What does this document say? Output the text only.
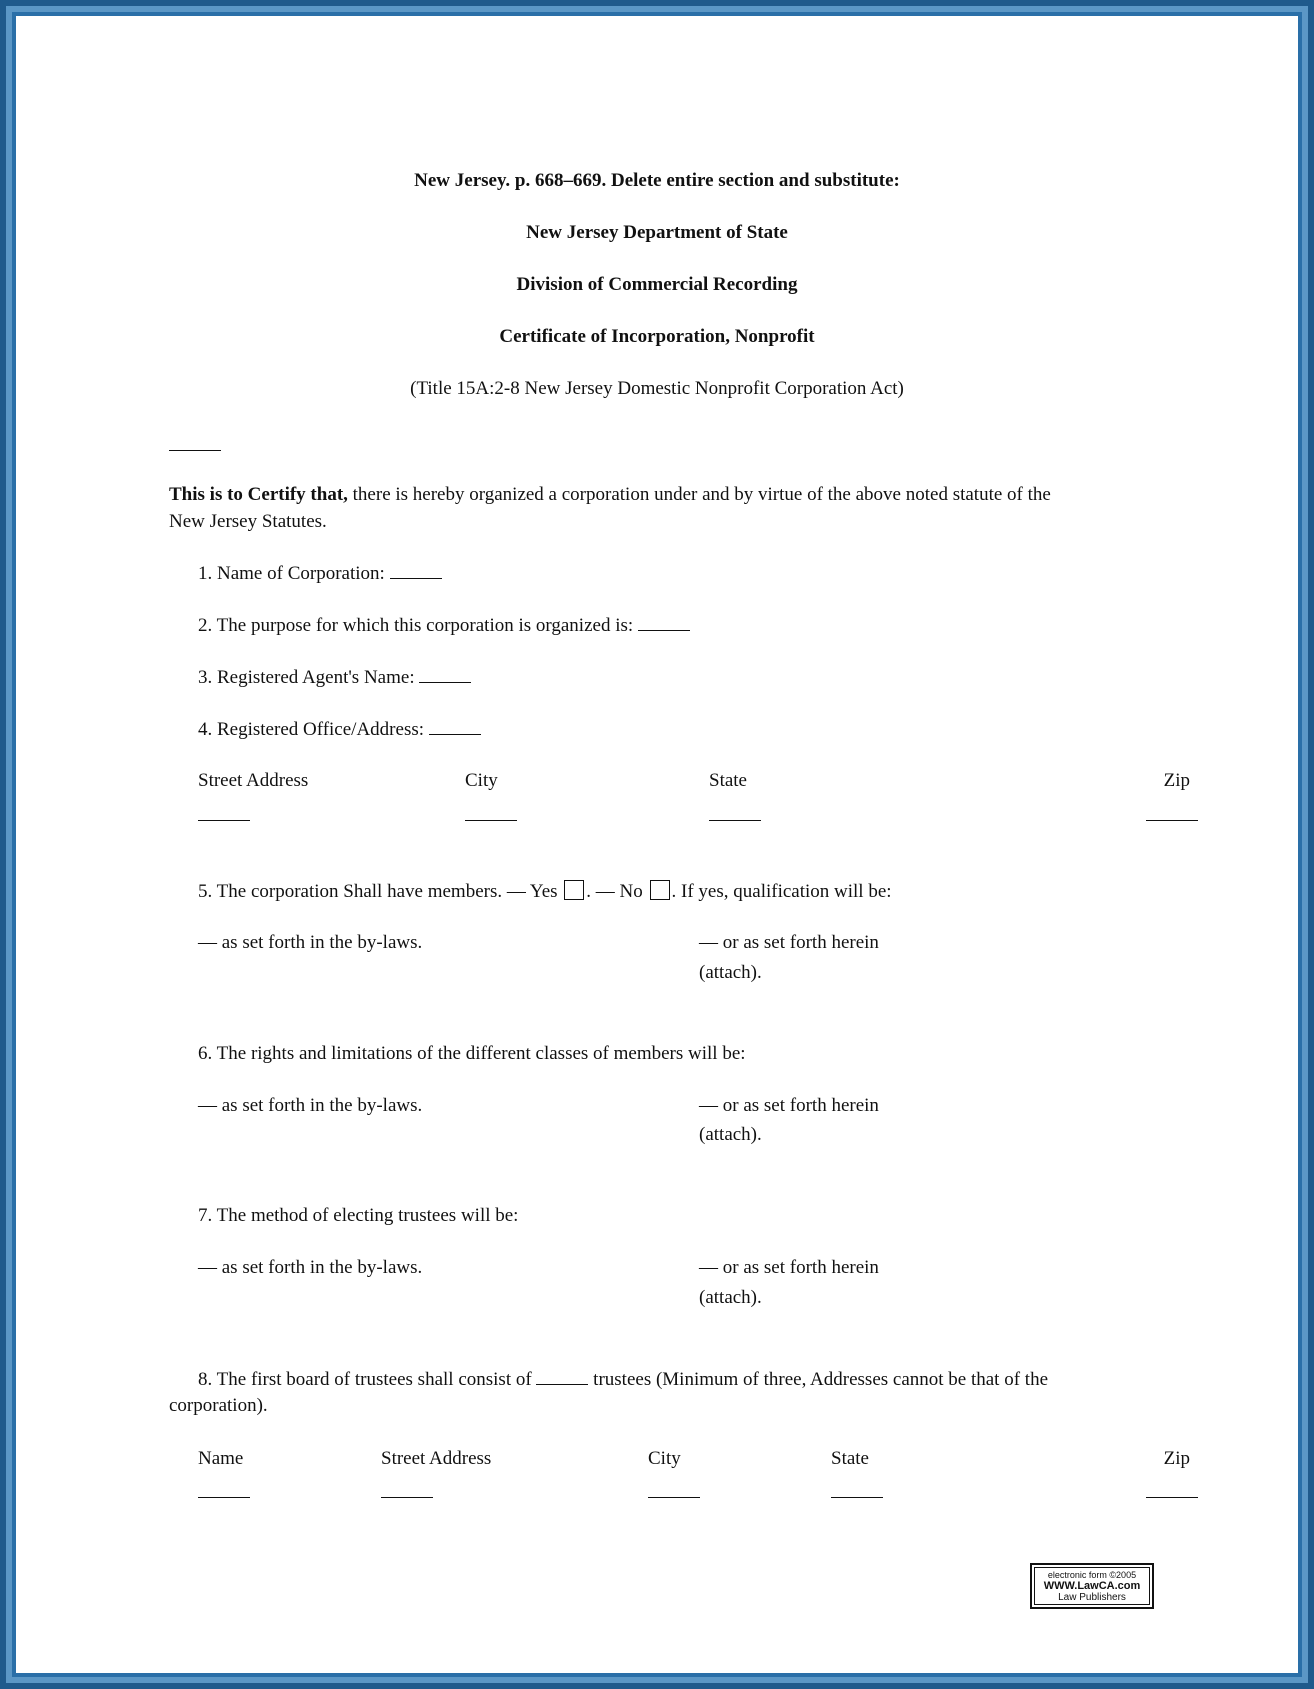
New Jersey. p. 668–669. Delete entire section and substitute:
New Jersey Department of State
Division of Commercial Recording
Certificate of Incorporation, Nonprofit
(Title 15A:2-8 New Jersey Domestic Nonprofit Corporation Act)
This is to Certify that, there is hereby organized a corporation under and by virtue of the above noted statute of the
New Jersey Statutes.
1. Name of Corporation:
2. The purpose for which this corporation is organized is:
3. Registered Agent's Name:
4. Registered Office/Address:
Street Address	City	State	Zip
5. The corporation Shall have members. — Yes . — No . If yes, qualification will be:
— as set forth in the by-laws.	— or as set forth herein
(attach).
6. The rights and limitations of the different classes of members will be:
— as set forth in the by-laws.	— or as set forth herein
(attach).
7. The method of electing trustees will be:
— as set forth in the by-laws.	— or as set forth herein
(attach).
8. The first board of trustees shall consist of	trustees (Minimum of three, Addresses cannot be that of the
corporation).
Name	Street Address	City	State	Zip
electronic form ©2005
WWW.LawCA.com
Law Publishers
